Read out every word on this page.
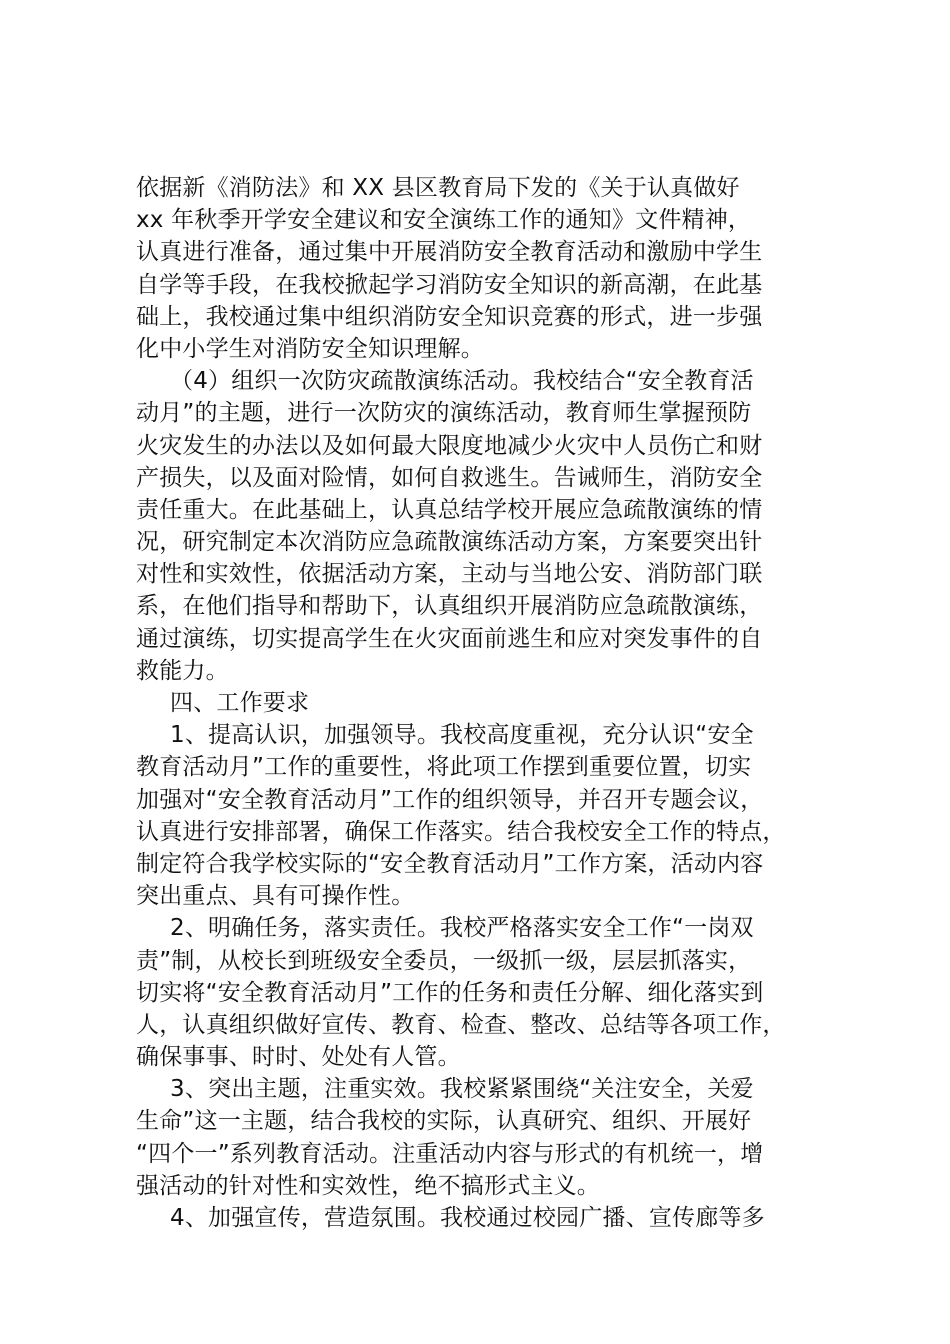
依据新《消防法》和 XX 县区教育局下发的《关于认真做好
xx 年秋季开学安全建议和安全演练工作的通知》文件精神，
认真进行准备，通过集中开展消防安全教育活动和激励中学生
自学等手段，在我校掀起学习消防安全知识的新高潮，在此基
础上，我校通过集中组织消防安全知识竞赛的形式，进一步强
化中小学生对消防安全知识理解。
（4）组织一次防灾疏散演练活动。我校结合“安全教育活
动月”的主题，进行一次防灾的演练活动，教育师生掌握预防
火灾发生的办法以及如何最大限度地减少火灾中人员伤亡和财
产损失，以及面对险情，如何自救逃生。告诫师生，消防安全
责任重大。在此基础上，认真总结学校开展应急疏散演练的情
况，研究制定本次消防应急疏散演练活动方案，方案要突出针
对性和实效性，依据活动方案，主动与当地公安、消防部门联
系，在他们指导和帮助下，认真组织开展消防应急疏散演练，
通过演练，切实提高学生在火灾面前逃生和应对突发事件的自
救能力。
四、工作要求
1、提高认识，加强领导。我校高度重视，充分认识“安全
教育活动月”工作的重要性，将此项工作摆到重要位置，切实
加强对“安全教育活动月”工作的组织领导，并召开专题会议，
认真进行安排部署，确保工作落实。结合我校安全工作的特点，
制定符合我学校实际的“安全教育活动月”工作方案，活动内容
突出重点、具有可操作性。
2、明确任务，落实责任。我校严格落实安全工作“一岗双
责”制，从校长到班级安全委员，一级抓一级，层层抓落实，
切实将“安全教育活动月”工作的任务和责任分解、细化落实到
人，认真组织做好宣传、教育、检查、整改、总结等各项工作，
确保事事、时时、处处有人管。
3、突出主题，注重实效。我校紧紧围绕“关注安全，关爱
生命”这一主题，结合我校的实际，认真研究、组织、开展好
“四个一”系列教育活动。注重活动内容与形式的有机统一，增
强活动的针对性和实效性，绝不搞形式主义。
4、加强宣传，营造氛围。我校通过校园广播、宣传廊等多
